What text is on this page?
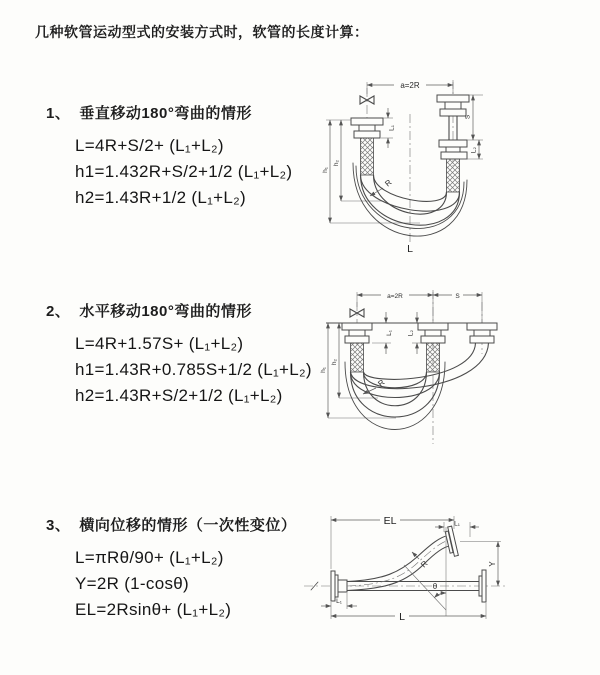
几种软管运动型式的安装方式时，软管的长度计算：
1、 垂直移动180°弯曲的情形
L=4R+S/2+ (L₁+L₂)
h1=1.432R+S/2+1/2 (L₁+L₂)
h2=1.43R+1/2 (L₁+L₂)
2、 水平移动180°弯曲的情形
L=4R+1.57S+ (L₁+L₂)
h1=1.43R+0.785S+1/2 (L₁+L₂)
h2=1.43R+S/2+1/2 (L₁+L₂)
3、 横向位移的情形（一次性变位）
L=πRθ/90+ (L₁+L₂)
Y=2R (1-cosθ)
EL=2Rsinθ+ (L₁+L₂)
a=2R
L₁
h₁
h₂
S
L₂
R
L
a=2R	S
L₁ L₂
h₁
h₂
R
EL	L₁
Y
R
θ
L₁
L
